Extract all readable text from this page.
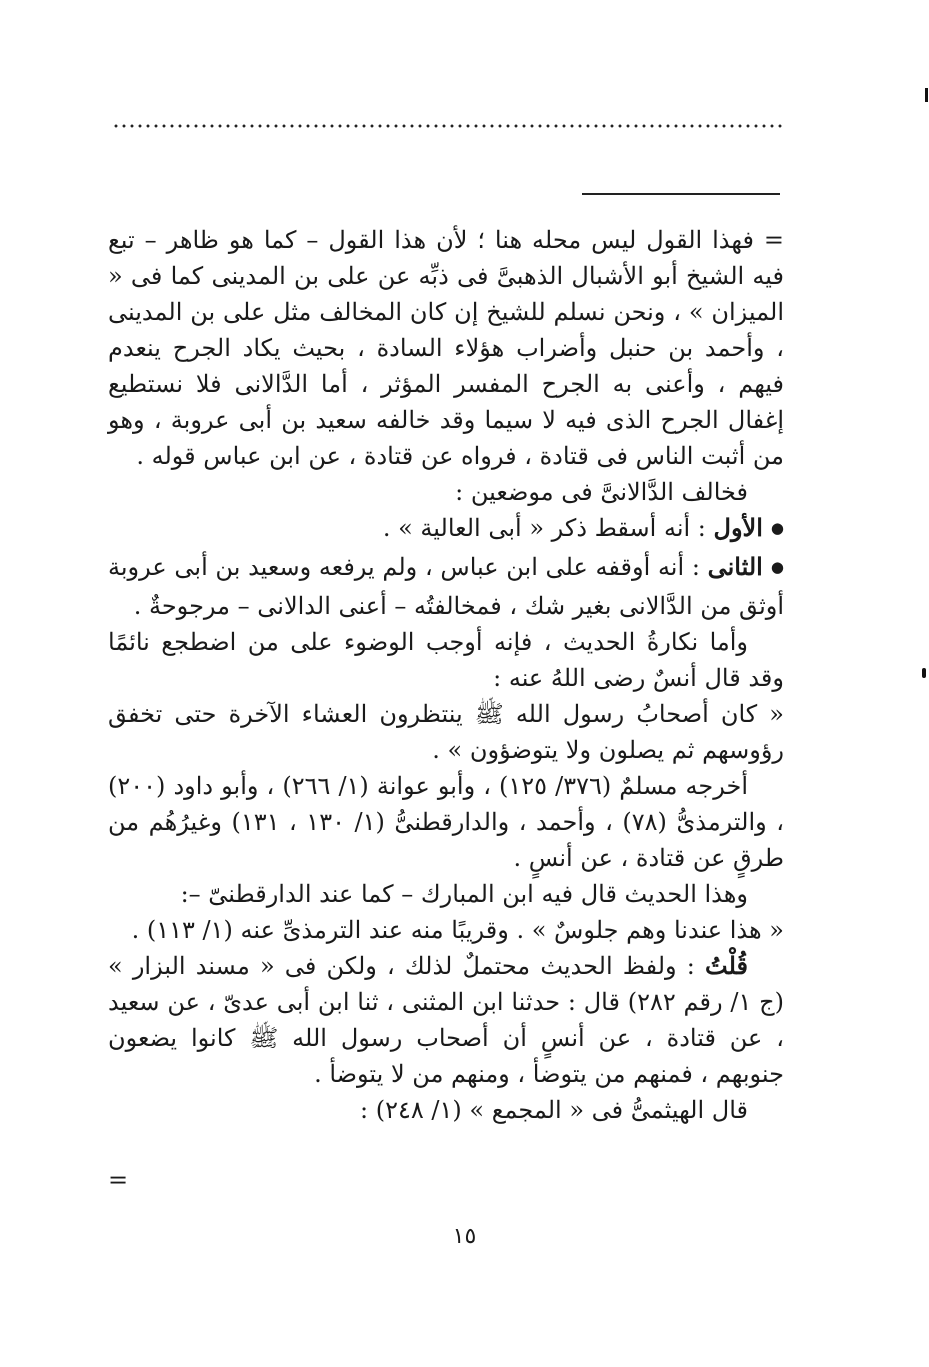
= فهذا القول ليس محله هنا ؛ لأن هذا القول – كما هو ظاهر – تبع فيه الشيخ أبو الأشبال الذهبىَّ فى ذبِّه عن على بن المدينى كما فى « الميزان » ، ونحن نسلم للشيخ إن كان المخالف مثل على بن المدينى ، وأحمد بن حنبل وأضراب هؤلاء السادة ، بحيث يكاد الجرح ينعدم فيهم ، وأعنى به الجرح المفسر المؤثر ، أما الدَّالانى فلا نستطيع إغفال الجرح الذى فيه لا سيما وقد خالفه سعيد بن أبى عروبة ، وهو من أثبت الناس فى قتادة ، فرواه عن قتادة ، عن ابن عباس قوله .

فخالف الدَّالانىَّ فى موضعين :

● الأول : أنه أسقط ذكر « أبى العالية » .

● الثانى : أنه أوقفه على ابن عباس ، ولم يرفعه وسعيد بن أبى عروبة أوثق من الدَّالانى بغير شك ، فمخالفتُه – أعنى الدالانى – مرجوحةٌ .

وأما نكارةُ الحديث ، فإنه أوجب الوضوء على من اضطجع نائمًا وقد قال أنسٌ رضى اللهُ عنه :

« كان أصحابُ رسول الله ﷺ ينتظرون العشاء الآخرة حتى تخفق رؤوسهم ثم يصلون ولا يتوضؤون » .

أخرجه مسلمٌ (٣٧٦/ ١٢٥) ، وأبو عوانة (١/ ٢٦٦) ، وأبو داود (٢٠٠) ، والترمذىُّ (٧٨) ، وأحمد ، والدارقطنىُّ (١/ ١٣٠ ، ١٣١) وغيرُهُم من طرقٍ عن قتادة ، عن أنسٍ .

وهذا الحديث قال فيه ابن المبارك – كما عند الدارقطنىّ –:

« هذا عندنا وهم جلوسٌ » . وقريبًا منه عند الترمذىِّ عنه (١/ ١١٣) .

قُلْتُ : ولفظ الحديث محتملٌ لذلك ، ولكن فى « مسند البزار » (ج ١/ رقم ٢٨٢) قال : حدثنا ابن المثنى ، ثنا ابن أبى عدىّ ، عن سعيد ، عن قتادة ، عن أنسٍ أن أصحاب رسول الله ﷺ كانوا يضعون جنوبهم ، فمنهم من يتوضأ ، ومنهم من لا يتوضأ .

قال الهيثمىُّ فى « المجمع » (١/ ٢٤٨) :

=
١٥
